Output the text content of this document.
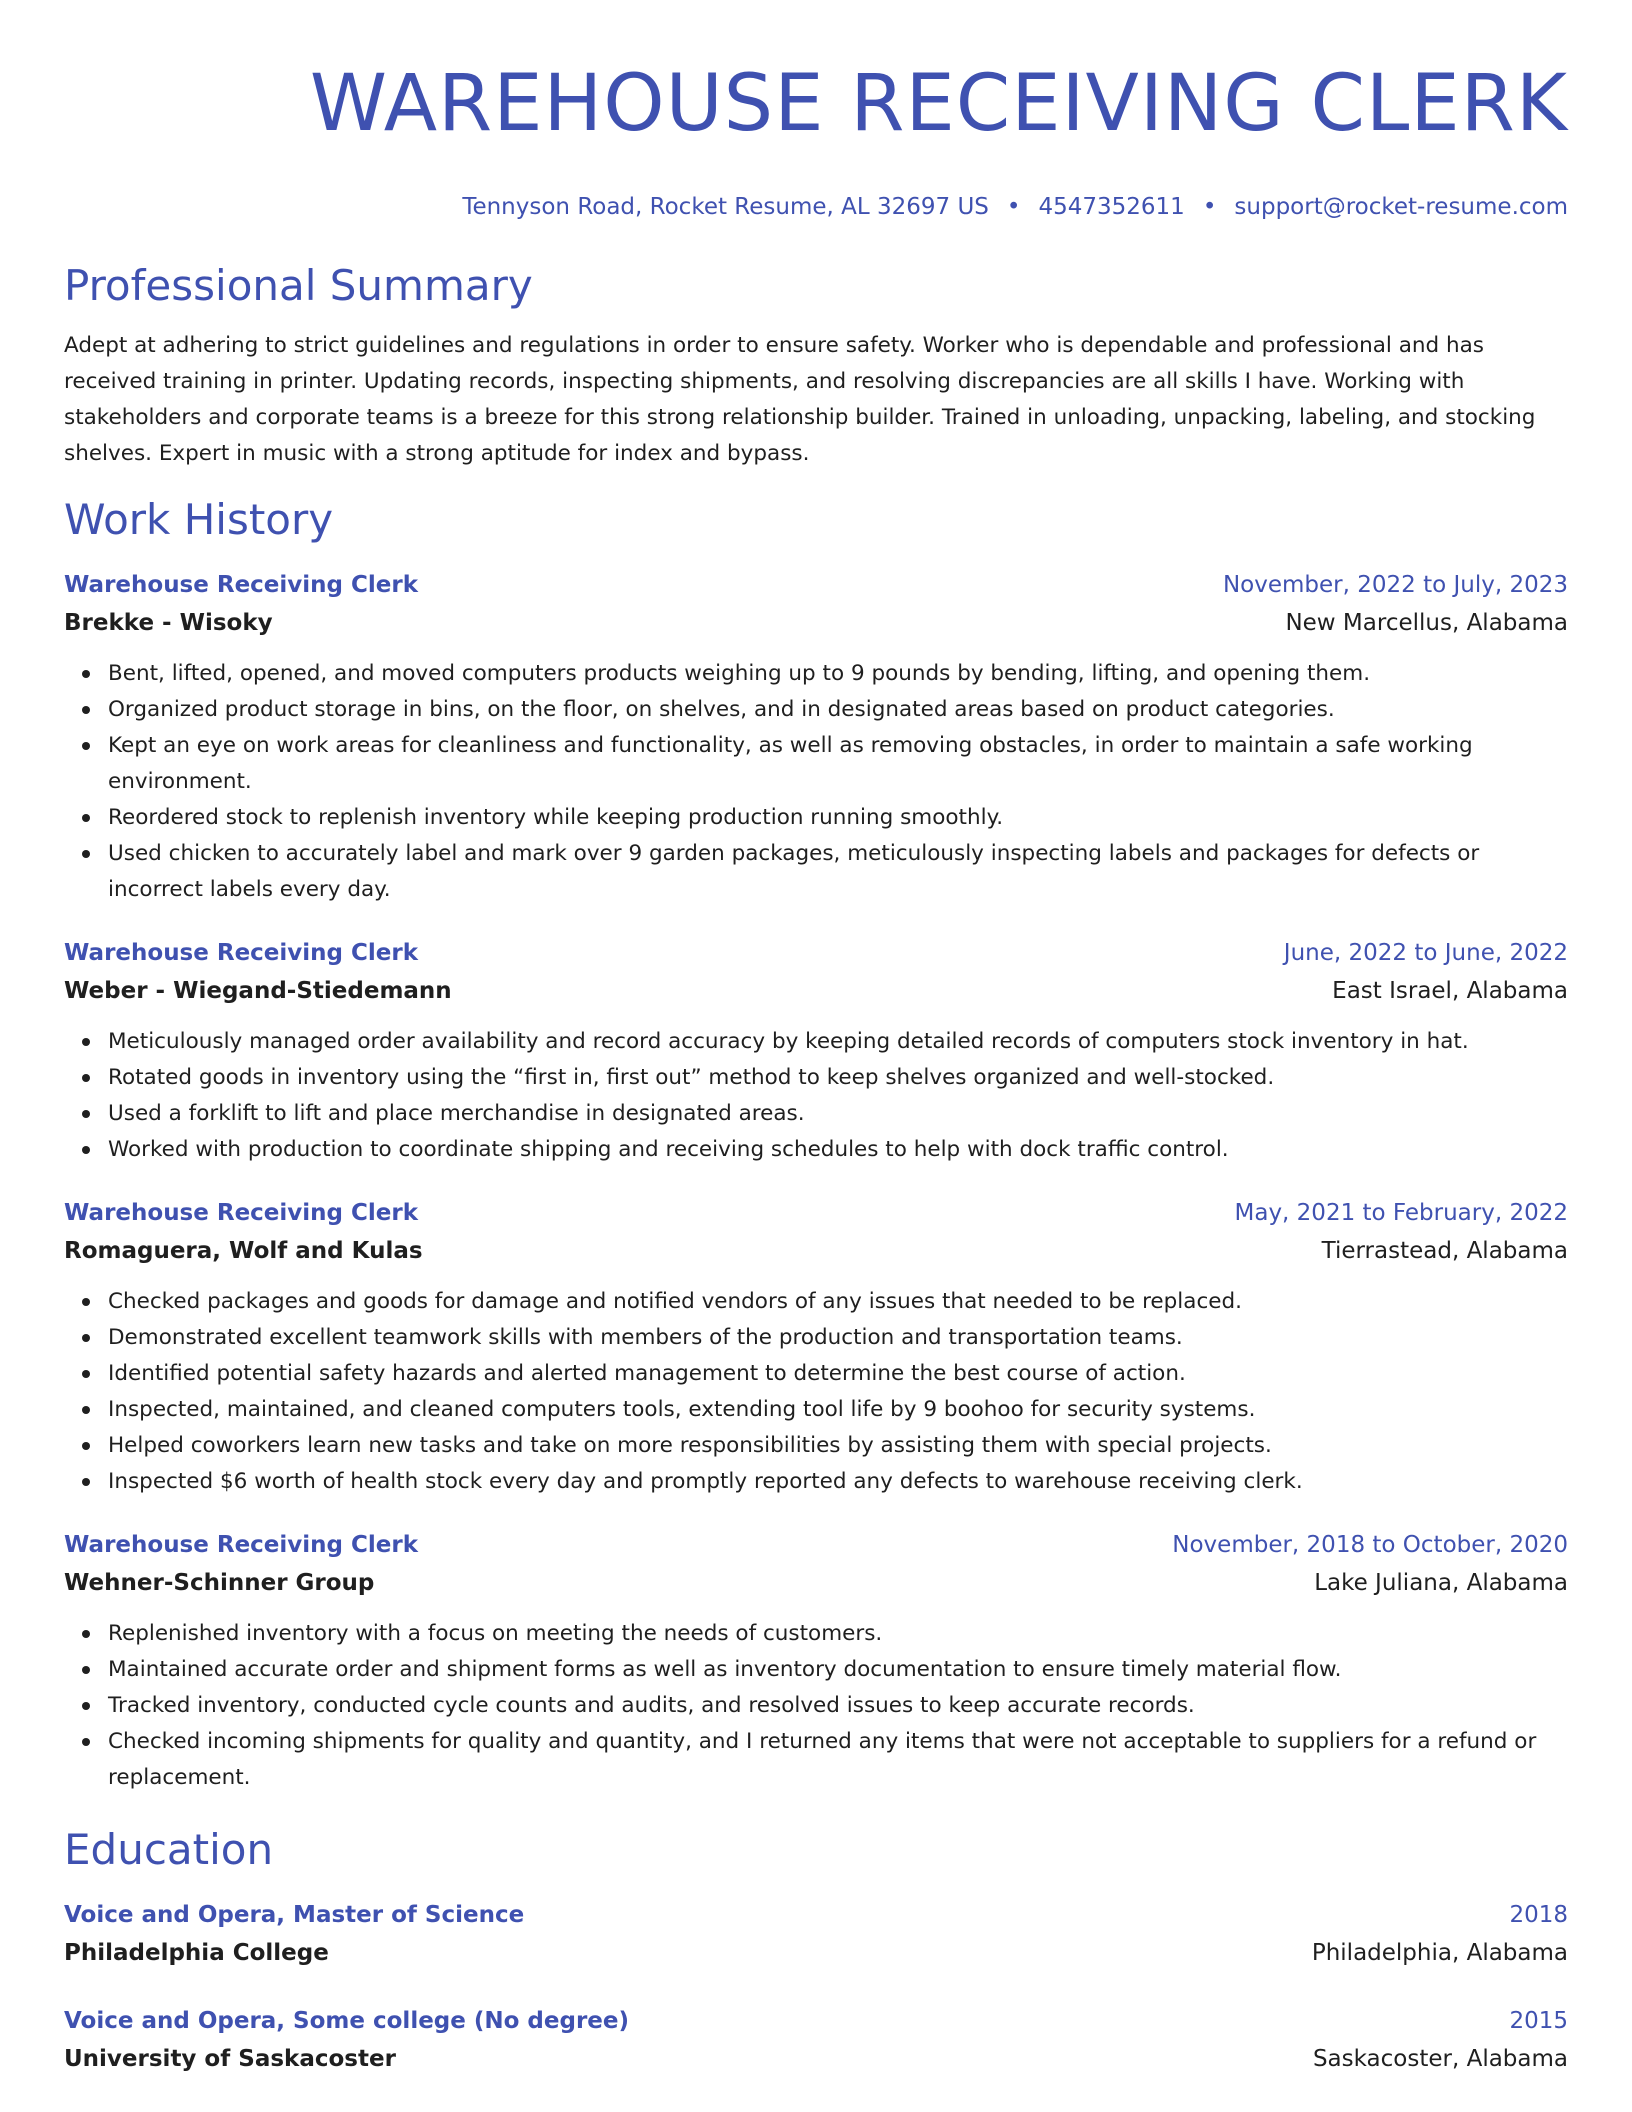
WAREHOUSE RECEIVING CLERK
Tennyson Road, Rocket Resume, AL 32697 US • 4547352611 • support@rocket-resume.com
Professional Summary
Adept at adhering to strict guidelines and regulations in order to ensure safety. Worker who is dependable and professional and has received training in printer. Updating records, inspecting shipments, and resolving discrepancies are all skills I have. Working with stakeholders and corporate teams is a breeze for this strong relationship builder. Trained in unloading, unpacking, labeling, and stocking shelves. Expert in music with a strong aptitude for index and bypass.
Work History
Warehouse Receiving Clerk	November, 2022 to July, 2023
Brekke - Wisoky	New Marcellus, Alabama
Bent, lifted, opened, and moved computers products weighing up to 9 pounds by bending, lifting, and opening them.
Organized product storage in bins, on the floor, on shelves, and in designated areas based on product categories.
Kept an eye on work areas for cleanliness and functionality, as well as removing obstacles, in order to maintain a safe working environment.
Reordered stock to replenish inventory while keeping production running smoothly.
Used chicken to accurately label and mark over 9 garden packages, meticulously inspecting labels and packages for defects or incorrect labels every day.
Warehouse Receiving Clerk	June, 2022 to June, 2022
Weber - Wiegand-Stiedemann	East Israel, Alabama
Meticulously managed order availability and record accuracy by keeping detailed records of computers stock inventory in hat.
Rotated goods in inventory using the “first in, first out” method to keep shelves organized and well-stocked.
Used a forklift to lift and place merchandise in designated areas.
Worked with production to coordinate shipping and receiving schedules to help with dock traffic control.
Warehouse Receiving Clerk	May, 2021 to February, 2022
Romaguera, Wolf and Kulas	Tierrastead, Alabama
Checked packages and goods for damage and notified vendors of any issues that needed to be replaced.
Demonstrated excellent teamwork skills with members of the production and transportation teams.
Identified potential safety hazards and alerted management to determine the best course of action.
Inspected, maintained, and cleaned computers tools, extending tool life by 9 boohoo for security systems.
Helped coworkers learn new tasks and take on more responsibilities by assisting them with special projects.
Inspected $6 worth of health stock every day and promptly reported any defects to warehouse receiving clerk.
Warehouse Receiving Clerk	November, 2018 to October, 2020
Wehner-Schinner Group	Lake Juliana, Alabama
Replenished inventory with a focus on meeting the needs of customers.
Maintained accurate order and shipment forms as well as inventory documentation to ensure timely material flow.
Tracked inventory, conducted cycle counts and audits, and resolved issues to keep accurate records.
Checked incoming shipments for quality and quantity, and I returned any items that were not acceptable to suppliers for a refund or replacement.
Education
Voice and Opera, Master of Science	2018
Philadelphia College	Philadelphia, Alabama
Voice and Opera, Some college (No degree)	2015
University of Saskacoster	Saskacoster, Alabama
